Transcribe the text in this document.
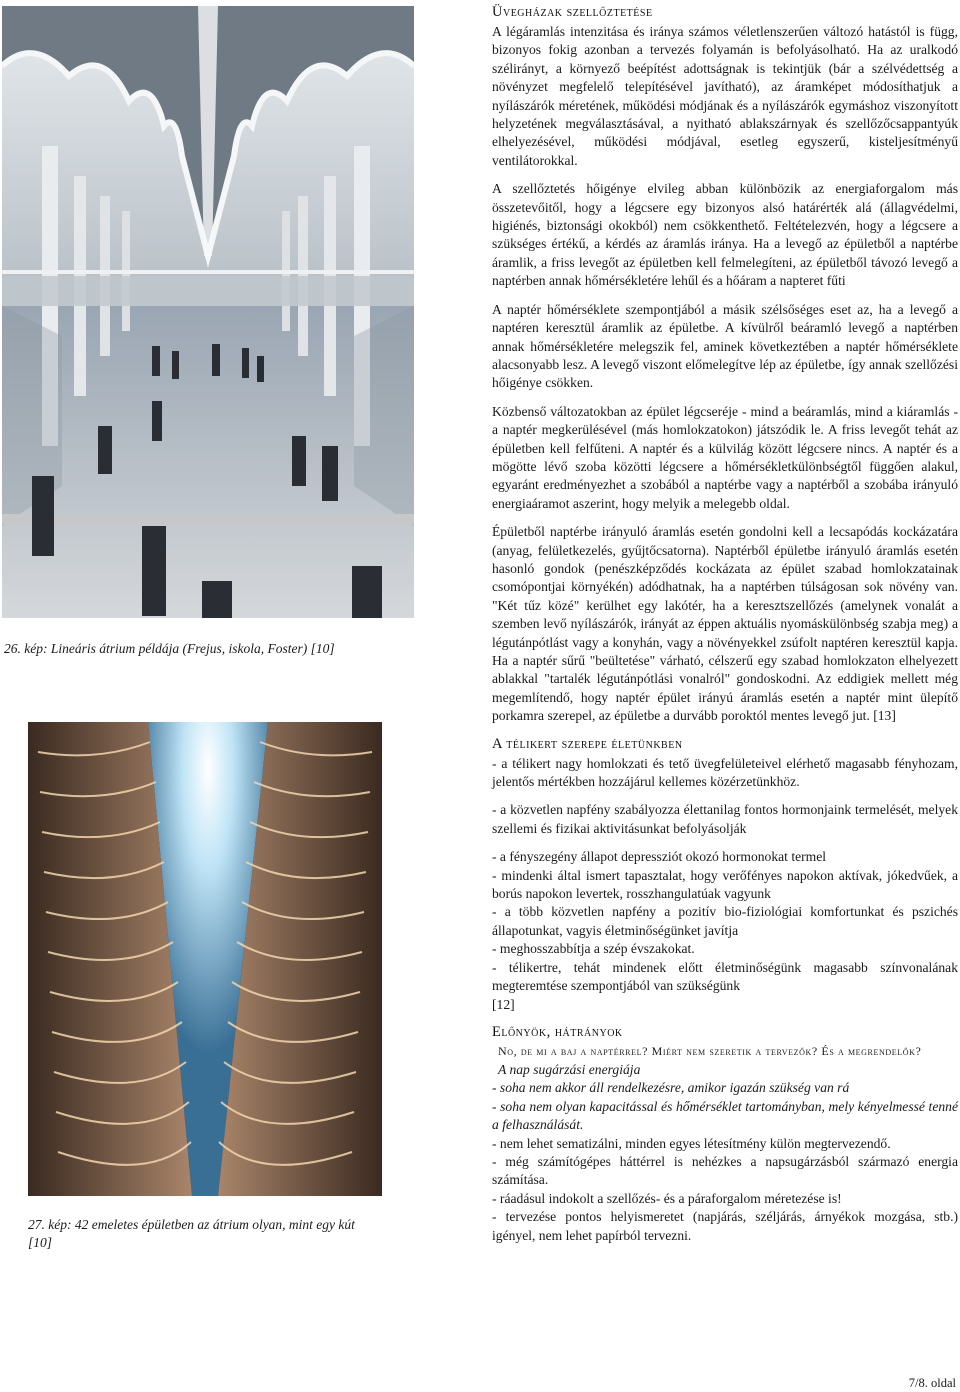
26. kép: Lineáris átrium példája (Frejus, iskola, Foster) [10]
27. kép: 42 emeletes épületben az átrium olyan, mint egy kút [10]
Üvegházak szellőztetése

A légáramlás intenzitása és iránya számos véletlenszerűen változó hatástól is függ, bizonyos fokig azonban a tervezés folyamán is befolyásolható. Ha az uralkodó szélirányt, a környező beépítést adottságnak is tekintjük (bár a szélvédettség a növényzet megfelelő telepítésével javítható), az áramképet módosíthatjuk a nyílászárók méretének, működési módjának és a nyílászárók egymáshoz viszonyított helyzetének megválasztásával, a nyitható ablakszárnyak és szellőzőcsappantyúk elhelyezésével, működési módjával, esetleg egyszerű, kisteljesítményű ventilátorokkal.

A szellőztetés hőigénye elvileg abban különbözik az energiaforgalom más összetevőitől, hogy a légcsere egy bizonyos alsó határérték alá (állagvédelmi, higiénés, biztonsági okokból) nem csökkenthető. Feltételezvén, hogy a légcsere a szükséges értékű, a kérdés az áramlás iránya. Ha a levegő az épületből a naptérbe áramlik, a friss levegőt az épületben kell felmelegíteni, az épületből távozó levegő a naptérben annak hőmérsékletére lehűl és a hőáram a napteret fűti

A naptér hőmérséklete szempontjából a másik szélsőséges eset az, ha a levegő a naptéren keresztül áramlik az épületbe. A kívülről beáramló levegő a naptérben annak hőmérsékletére melegszik fel, aminek következtében a naptér hőmérséklete alacsonyabb lesz. A levegő viszont előmelegítve lép az épületbe, így annak szellőzési hőigénye csökken.

Közbenső változatokban az épület légcseréje - mind a beáramlás, mind a kiáramlás - a naptér megkerülésével (más homlokzatokon) játszódik le. A friss levegőt tehát az épületben kell felfűteni. A naptér és a külvilág között légcsere nincs. A naptér és a mögötte lévő szoba közötti légcsere a hőmérsékletkülönbségtől függően alakul, egyaránt eredményezhet a szobából a naptérbe vagy a naptérből a szobába irányuló energiaáramot aszerint, hogy melyik a melegebb oldal.

Épületből naptérbe irányuló áramlás esetén gondolni kell a lecsapódás kockázatára (anyag, felületkezelés, gyűjtőcsatorna). Naptérből épületbe irányuló áramlás esetén hasonló gondok (penészképződés kockázata az épület szabad homlokzatainak csomópontjai környékén) adódhatnak, ha a naptérben túlságosan sok növény van. "Két tűz közé" kerülhet egy lakótér, ha a keresztszellőzés (amelynek vonalát a szemben levő nyílászárók, irányát az éppen aktuális nyomáskülönbség szabja meg) a légutánpótlást vagy a konyhán, vagy a növényekkel zsúfolt naptéren keresztül kapja. Ha a naptér sűrű "beültetése" várható, célszerű egy szabad homlokzaton elhelyezett ablakkal "tartalék légutánpótlási vonalról" gondoskodni. Az eddigiek mellett még megemlítendő, hogy naptér épület irányú áramlás esetén a naptér mint ülepítő porkamra szerepel, az épületbe a durvább poroktól mentes levegő jut. [13]

A télikert szerepe életünkben

- a télikert nagy homlokzati és tető üvegfelületeivel elérhető magasabb fényhozam, jelentős mértékben hozzájárul kellemes közérzetünkhöz.

- a közvetlen napfény szabályozza élettanilag fontos hormonjaink termelését, melyek szellemi és fizikai aktivitásunkat befolyásolják

- a fényszegény állapot depressziót okozó hormonokat termel

- mindenki által ismert tapasztalat, hogy verőfényes napokon aktívak, jókedvűek, a borús napokon levertek, rosszhangulatúak vagyunk

- a több közvetlen napfény a pozitív bio-fiziológiai komfortunkat és pszichés állapotunkat, vagyis életminőségünket javítja

- meghosszabbítja a szép évszakokat.

- télikertre, tehát mindenek előtt életminőségünk magasabb színvonalának megteremtése szempontjából van szükségünk

[12]

Előnyök, hátrányok
No, de mi a baj a naptérrel? Miért nem szeretik a tervezők? És a megrendelők?

A nap sugárzási energiája

- soha nem akkor áll rendelkezésre, amikor igazán szükség van rá

- soha nem olyan kapacitással és hőmérséklet tartományban, mely kényelmessé tenné a felhasználását.

- nem lehet sematizálni, minden egyes létesítmény külön megtervezendő.

- még számítógépes háttérrel is nehézkes a napsugárzásból származó energia számítása.

- ráadásul indokolt a szellőzés- és a páraforgalom méretezése is!

- tervezése pontos helyismeretet (napjárás, széljárás, árnyékok mozgása, stb.) igényel, nem lehet papírból tervezni.

7/8. oldal
